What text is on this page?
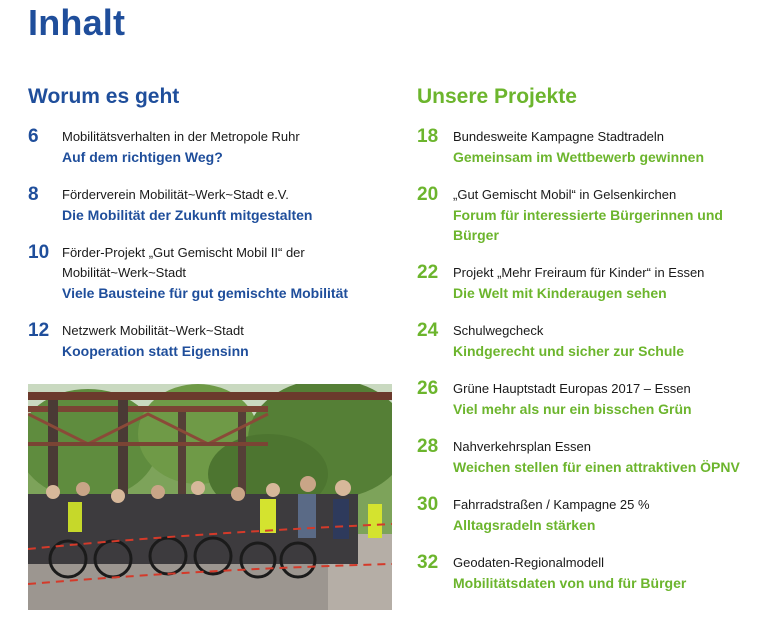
Inhalt
Worum es geht
6	Mobilitätsverhalten in der Metropole Ruhr
Auf dem richtigen Weg?
8	Förderverein Mobilität~Werk~Stadt e.V.
Die Mobilität der Zukunft mitgestalten
10 Förder-Projekt „Gut Gemischt Mobil II“ der Mobilität~Werk~Stadt
Viele Bausteine für gut gemischte Mobilität
12 Netzwerk Mobilität~Werk~Stadt
Kooperation statt Eigensinn
Unsere Projekte
18	Bundesweite Kampagne Stadtradeln
Gemeinsam im Wettbewerb gewinnen
20	„Gut Gemischt Mobil“ in Gelsenkirchen
Forum für interessierte Bürgerinnen und Bürger
22	Projekt „Mehr Freiraum für Kinder“ in Essen
Die Welt mit Kinderaugen sehen
24	Schulwegcheck
Kindgerecht und sicher zur Schule
26	Grüne Hauptstadt Europas 2017 – Essen
Viel mehr als nur ein bisschen Grün
28	Nahverkehrsplan Essen
Weichen stellen für einen attraktiven ÖPNV
30	Fahrradstraßen / Kampagne 25 %
Alltagsradeln stärken
32	Geodaten-Regionalmodell
Mobilitätsdaten von und für Bürger
